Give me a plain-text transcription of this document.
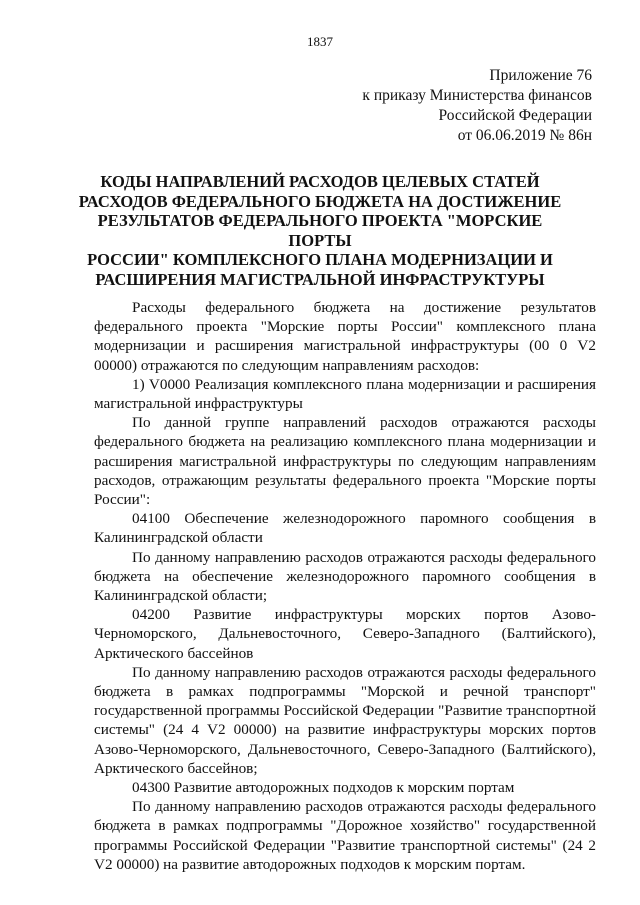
1837
Приложение 76
к приказу Министерства финансов
Российской Федерации
от 06.06.2019 № 86н
КОДЫ НАПРАВЛЕНИЙ РАСХОДОВ ЦЕЛЕВЫХ СТАТЕЙ
РАСХОДОВ ФЕДЕРАЛЬНОГО БЮДЖЕТА НА ДОСТИЖЕНИЕ
РЕЗУЛЬТАТОВ ФЕДЕРАЛЬНОГО ПРОЕКТА "МОРСКИЕ ПОРТЫ
РОССИИ" КОМПЛЕКСНОГО ПЛАНА МОДЕРНИЗАЦИИ И
РАСШИРЕНИЯ МАГИСТРАЛЬНОЙ ИНФРАСТРУКТУРЫ

Расходы федерального бюджета на достижение результатов федерального проекта "Морские порты России" комплексного плана модернизации и расширения магистральной инфраструктуры (00 0 V2 00000) отражаются по следующим направлениям расходов:

1) V0000 Реализация комплексного плана модернизации и расширения магистральной инфраструктуры

По данной группе направлений расходов отражаются расходы федерального бюджета на реализацию комплексного плана модернизации и расширения магистральной инфраструктуры по следующим направлениям расходов, отражающим результаты федерального проекта "Морские порты России":

04100 Обеспечение железнодорожного паромного сообщения в Калининградской области

По данному направлению расходов отражаются расходы федерального бюджета на обеспечение железнодорожного паромного сообщения в Калининградской области;

04200 Развитие инфраструктуры морских портов Азово-Черноморского, Дальневосточного, Северо-Западного (Балтийского), Арктического бассейнов

По данному направлению расходов отражаются расходы федерального бюджета в рамках подпрограммы "Морской и речной транспорт" государственной программы Российской Федерации "Развитие транспортной системы" (24 4 V2 00000) на развитие инфраструктуры морских портов Азово-Черноморского, Дальневосточного, Северо-Западного (Балтийского), Арктического бассейнов;

04300 Развитие автодорожных подходов к морским портам

По данному направлению расходов отражаются расходы федерального бюджета в рамках подпрограммы "Дорожное хозяйство" государственной программы Российской Федерации "Развитие транспортной системы" (24 2 V2 00000) на развитие автодорожных подходов к морским портам.
